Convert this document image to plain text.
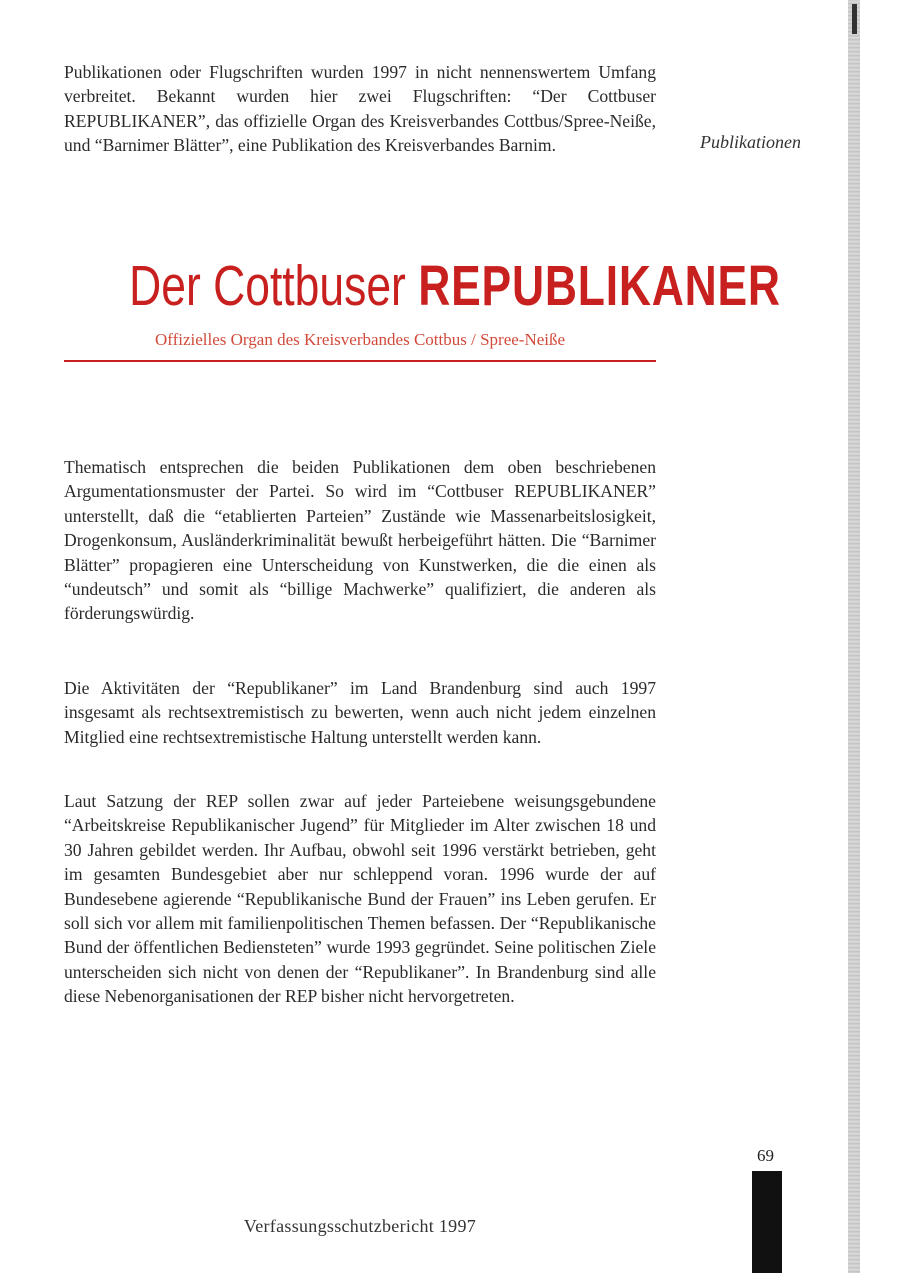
Publikationen oder Flugschriften wurden 1997 in nicht nennenswertem Umfang verbreitet. Bekannt wurden hier zwei Flugschriften: “Der Cottbuser REPUBLIKANER”, das offizielle Organ des Kreisverbandes Cottbus/Spree-Neiße, und “Barnimer Blätter”, eine Publikation des Kreisverbandes Barnim.	Publikationen
Der Cottbuser REPUBLIKANER
Offizielles Organ des Kreisverbandes Cottbus / Spree-Neiße

Thematisch entsprechen die beiden Publikationen dem oben beschriebenen Argumentationsmuster der Partei. So wird im “Cottbuser REPUBLIKANER” unterstellt, daß die “etablierten Parteien” Zustände wie Massenarbeitslosigkeit, Drogenkonsum, Ausländerkriminalität bewußt herbeigeführt hätten. Die “Barnimer Blätter” propagieren eine Unterscheidung von Kunstwerken, die die einen als “undeutsch” und somit als “billige Machwerke” qualifiziert, die anderen als förderungswürdig.

Die Aktivitäten der “Republikaner” im Land Brandenburg sind auch 1997 insgesamt als rechtsextremistisch zu bewerten, wenn auch nicht jedem einzelnen Mitglied eine rechtsextremistische Haltung unterstellt werden kann.

Laut Satzung der REP sollen zwar auf jeder Parteiebene weisungsgebundene “Arbeitskreise Republikanischer Jugend” für Mitglieder im Alter zwischen 18 und 30 Jahren gebildet werden. Ihr Aufbau, obwohl seit 1996 verstärkt betrieben, geht im gesamten Bundesgebiet aber nur schleppend voran. 1996 wurde der auf Bundesebene agierende “Republikanische Bund der Frauen” ins Leben gerufen. Er soll sich vor allem mit familienpolitischen Themen befassen. Der “Republikanische Bund der öffentlichen Bediensteten” wurde 1993 gegründet. Seine politischen Ziele unterscheiden sich nicht von denen der “Republikaner”. In Brandenburg sind alle diese Nebenorganisationen der REP bisher nicht hervorgetreten.

69
Verfassungsschutzbericht 1997
